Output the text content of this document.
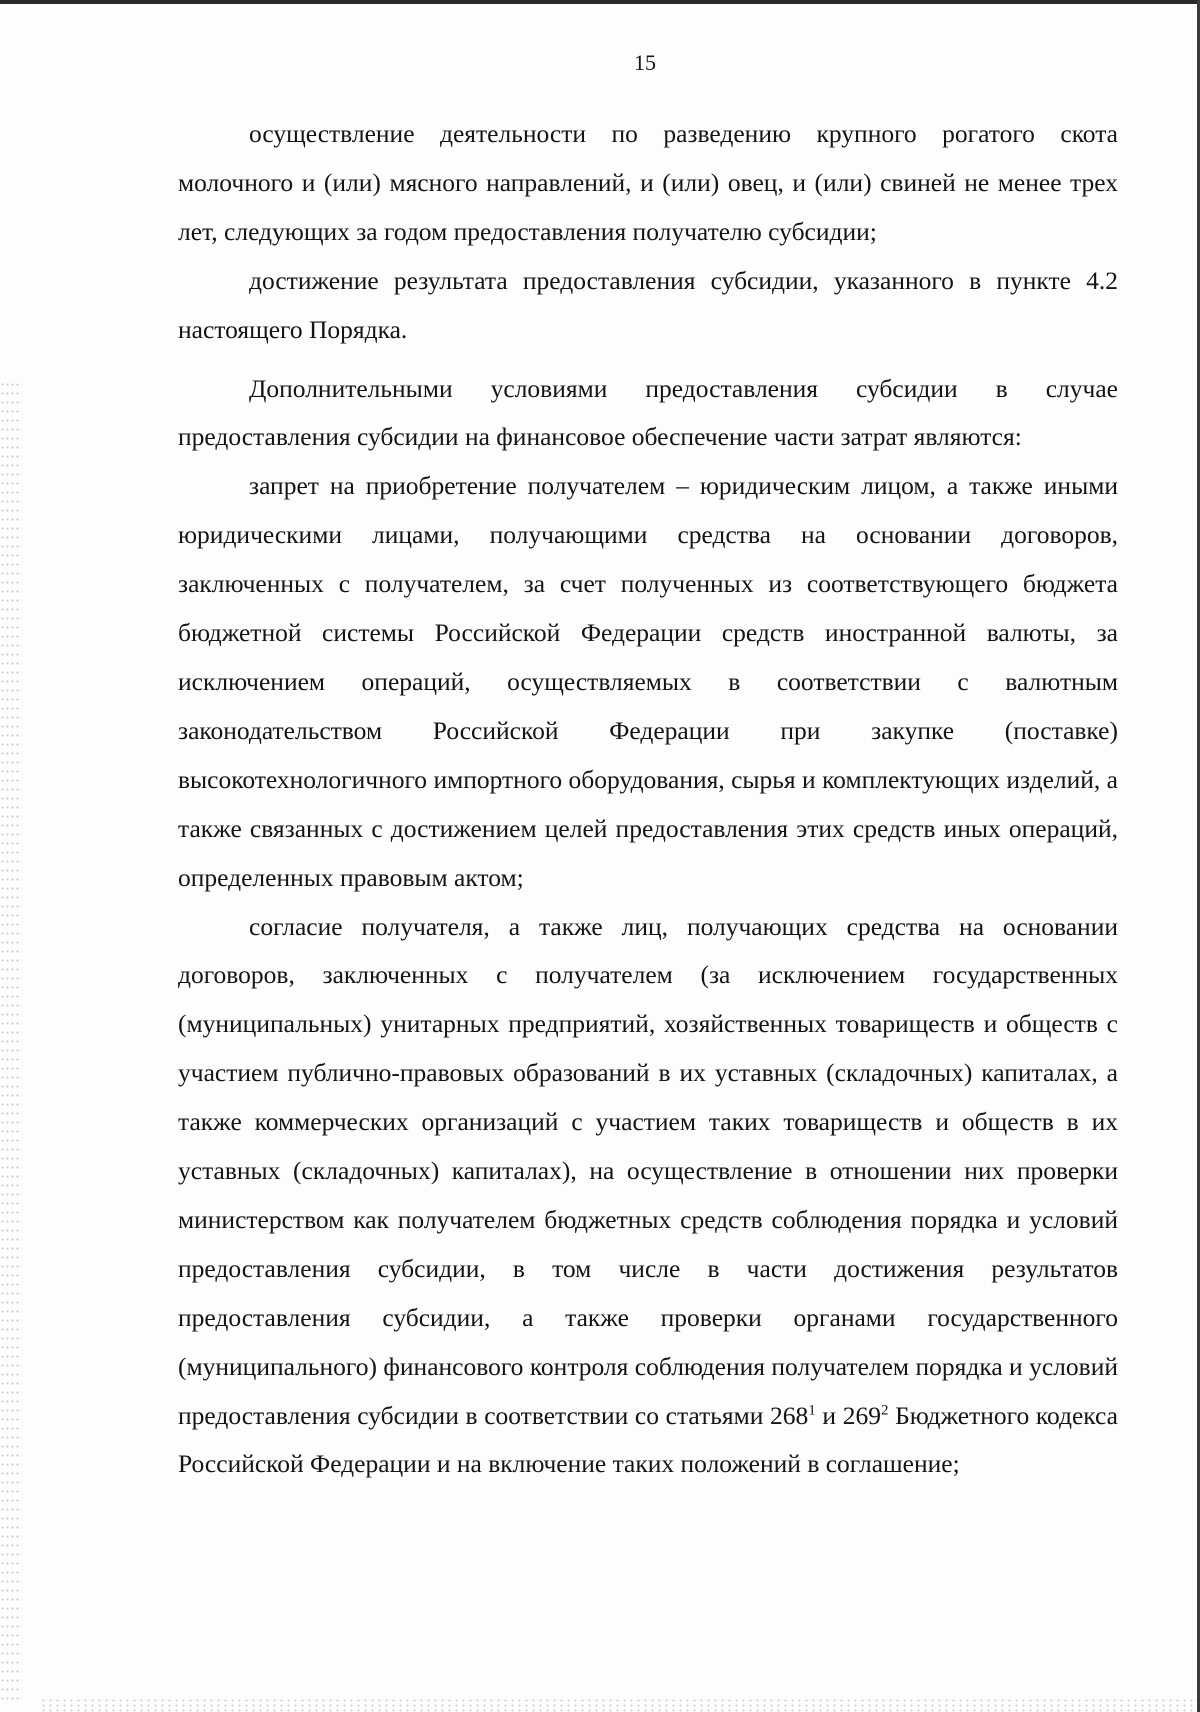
15

осуществление деятельности по разведению крупного рогатого скота молочного и (или) мясного направлений, и (или) овец, и (или) свиней не менее трех лет, следующих за годом предоставления получателю субсидии;

достижение результата предоставления субсидии, указанного в пункте 4.2 настоящего Порядка.

Дополнительными условиями предоставления субсидии в случае предоставления субсидии на финансовое обеспечение части затрат являются:

запрет на приобретение получателем – юридическим лицом, а также иными юридическими лицами, получающими средства на основании договоров, заключенных с получателем, за счет полученных из соответствующего бюджета бюджетной системы Российской Федерации средств иностранной валюты, за исключением операций, осуществляемых в соответствии с валютным законодательством Российской Федерации при закупке (поставке) высокотехнологичного импортного оборудования, сырья и комплектующих изделий, а также связанных с достижением целей предоставления этих средств иных операций, определенных правовым актом;

согласие получателя, а также лиц, получающих средства на основании договоров, заключенных с получателем (за исключением государственных (муниципальных) унитарных предприятий, хозяйственных товариществ и обществ с участием публично-правовых образований в их уставных (складочных) капиталах, а также коммерческих организаций с участием таких товариществ и обществ в их уставных (складочных) капиталах), на осуществление в отношении них проверки министерством как получателем бюджетных средств соблюдения порядка и условий предоставления субсидии, в том числе в части достижения результатов предоставления субсидии, а также проверки органами государственного (муниципального) финансового контроля соблюдения получателем порядка и условий предоставления субсидии в соответствии со статьями $268^1$ и $269^2$ Бюджетного кодекса Российской Федерации и на включение таких положений в соглашение;
